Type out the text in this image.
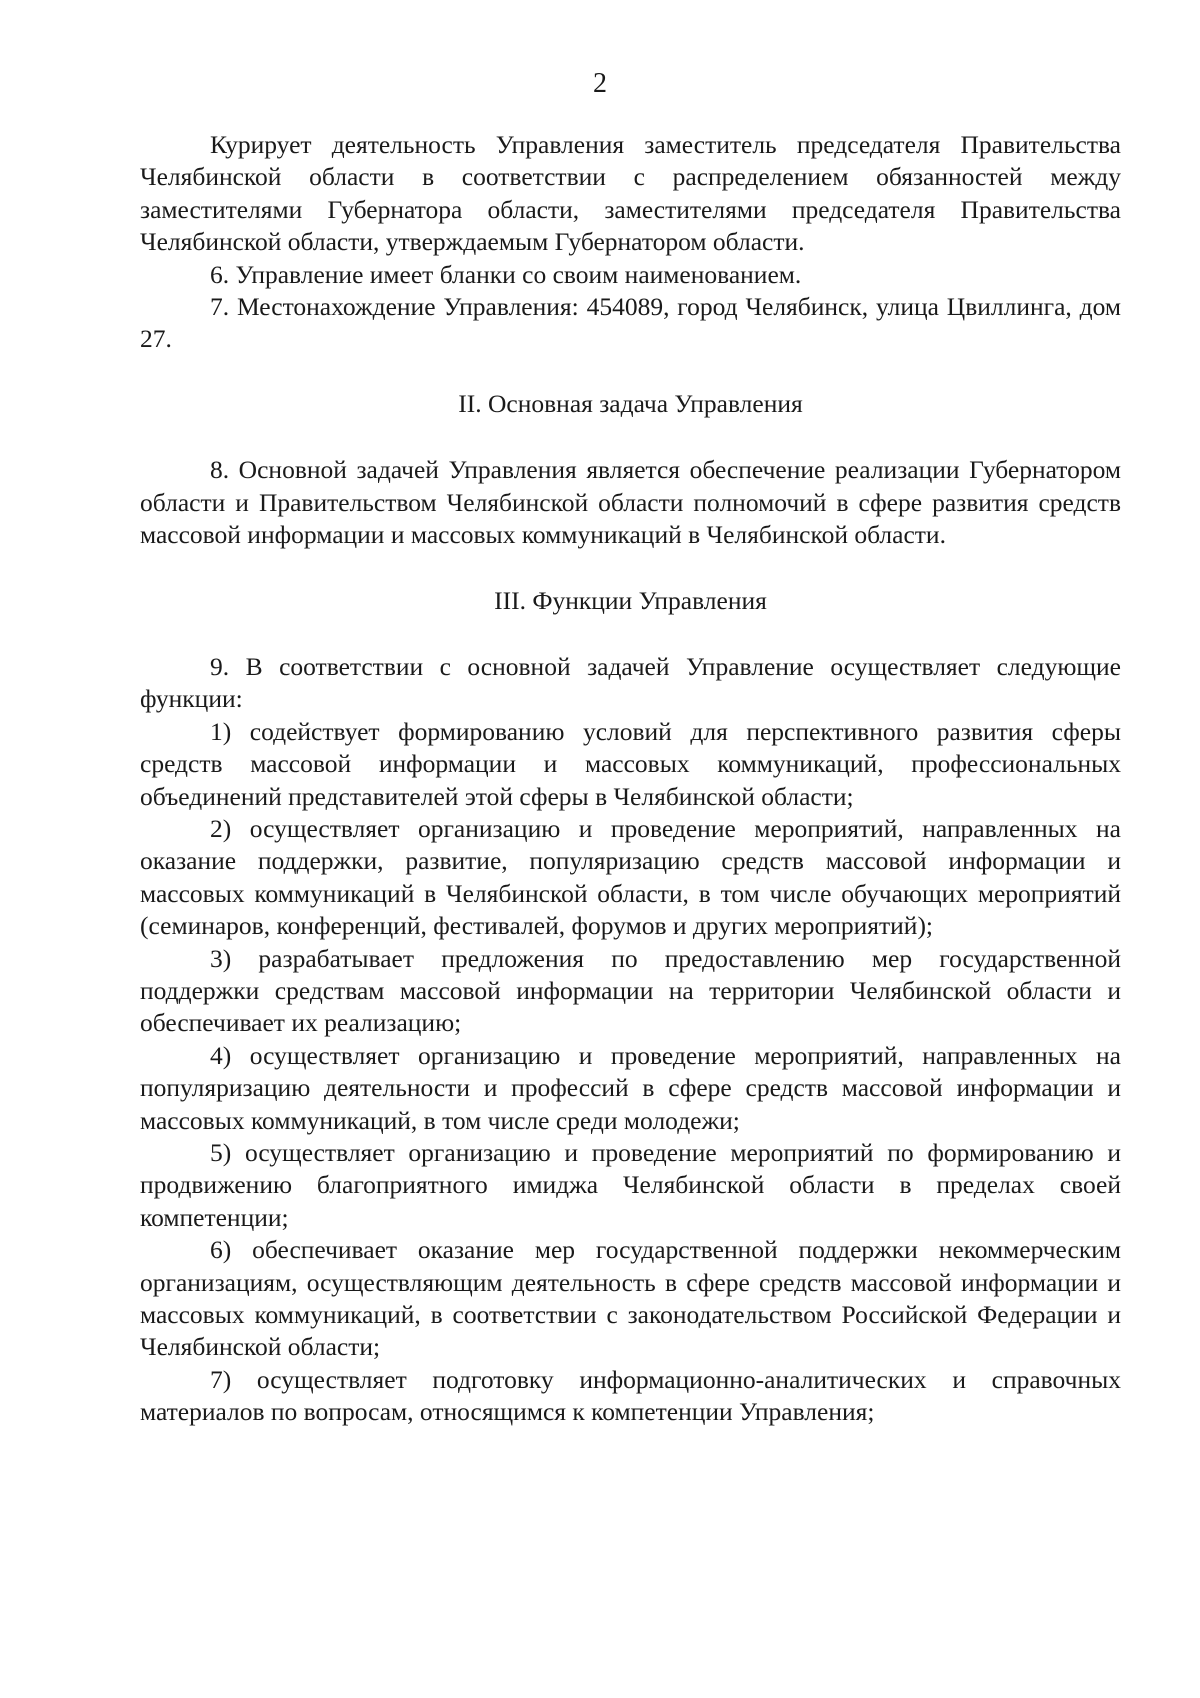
2

Курирует деятельность Управления заместитель председателя Правительства Челябинской области в соответствии с распределением обязанностей между заместителями Губернатора области, заместителями председателя Правительства Челябинской области, утверждаемым Губернатором области.

6. Управление имеет бланки со своим наименованием.

7. Местонахождение Управления: 454089, город Челябинск, улица Цвиллинга, дом 27.

II. Основная задача Управления

8. Основной задачей Управления является обеспечение реализации Губернатором области и Правительством Челябинской области полномочий в сфере развития средств массовой информации и массовых коммуникаций в Челябинской области.

III. Функции Управления

9. В соответствии с основной задачей Управление осуществляет следующие функции:

1) содействует формированию условий для перспективного развития сферы средств массовой информации и массовых коммуникаций, профессиональных объединений представителей этой сферы в Челябинской области;

2) осуществляет организацию и проведение мероприятий, направленных на оказание поддержки, развитие, популяризацию средств массовой информации и массовых коммуникаций в Челябинской области, в том числе обучающих мероприятий (семинаров, конференций, фестивалей, форумов и других мероприятий);

3) разрабатывает предложения по предоставлению мер государственной поддержки средствам массовой информации на территории Челябинской области и обеспечивает их реализацию;

4) осуществляет организацию и проведение мероприятий, направленных на популяризацию деятельности и профессий в сфере средств массовой информации и массовых коммуникаций, в том числе среди молодежи;

5) осуществляет организацию и проведение мероприятий по формированию и продвижению благоприятного имиджа Челябинской области в пределах своей компетенции;

6) обеспечивает оказание мер государственной поддержки некоммерческим организациям, осуществляющим деятельность в сфере средств массовой информации и массовых коммуникаций, в соответствии с законодательством Российской Федерации и Челябинской области;

7) осуществляет подготовку информационно-аналитических и справочных материалов по вопросам, относящимся к компетенции Управления;
